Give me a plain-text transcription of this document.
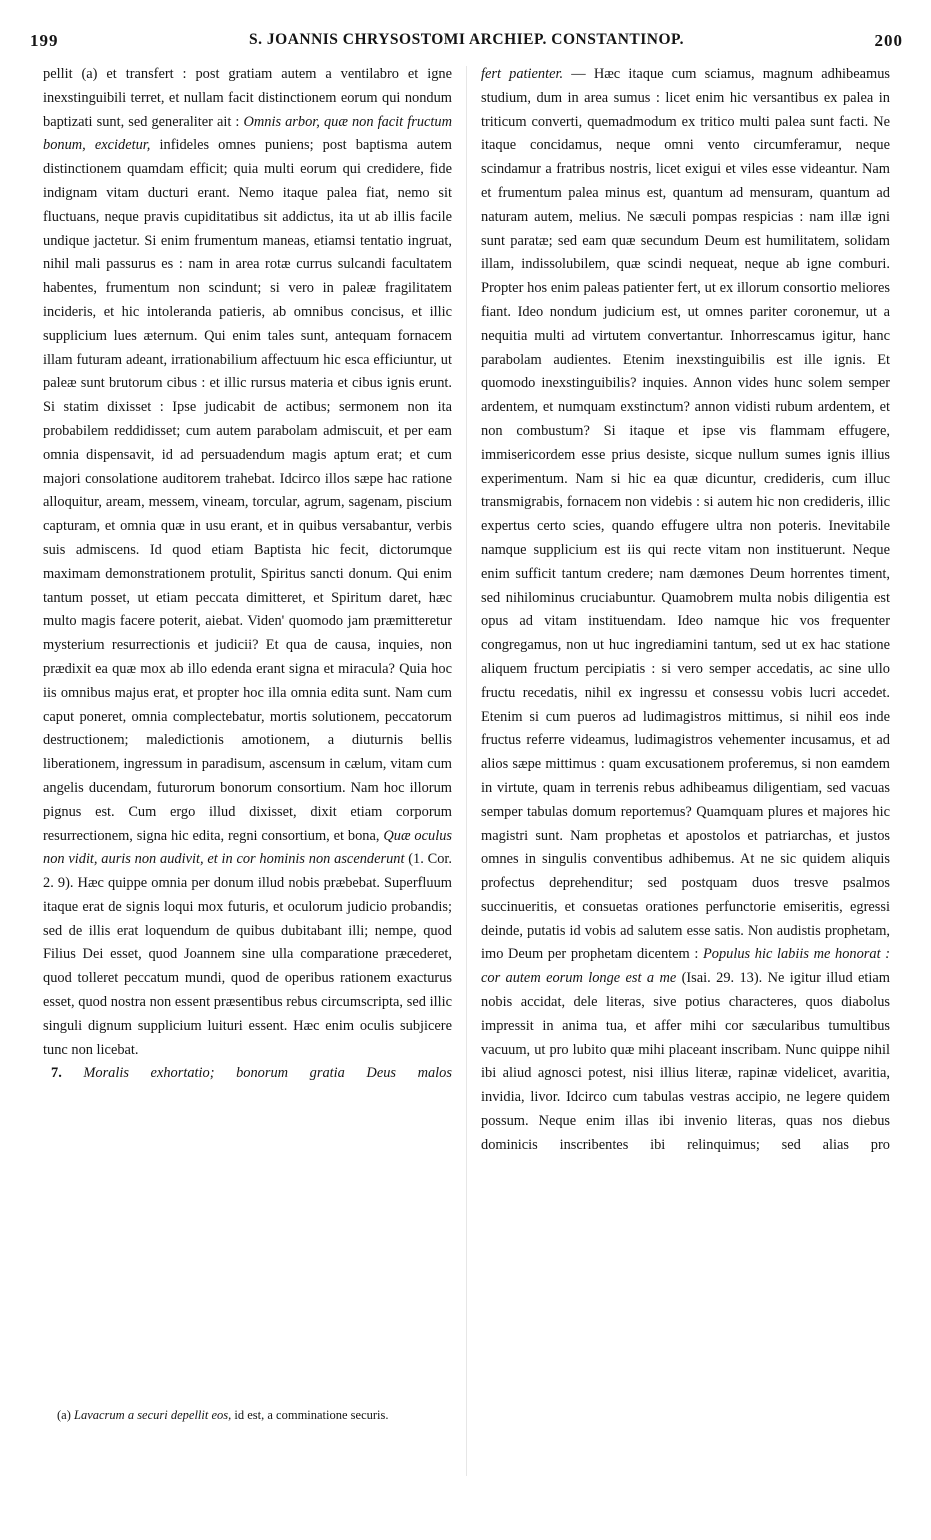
199	S. JOANNIS CHRYSOSTOMI ARCHIEP. CONSTANTINOP.	200

pellit (a) et transfert : post gratiam autem a ventilabro et igne inexstinguibili terret, et nullam facit distinctionem eorum qui nondum baptizati sunt, sed generaliter ait : Omnis arbor, quæ non facit fructum bonum, excidetur, infideles omnes puniens; post baptisma autem distinctionem quamdam efficit; quia multi eorum qui credidere, fide indignam vitam ducturi erant. Nemo itaque palea fiat, nemo sit fluctuans, neque pravis cupiditatibus sit addictus, ita ut ab illis facile undique jactetur. Si enim frumentum maneas, etiamsi tentatio ingruat, nihil mali passurus es : nam in area rotæ currus sulcandi facultatem habentes, frumentum non scindunt; si vero in paleæ fragilitatem incideris, et hic intoleranda patieris, ab omnibus concisus, et illic supplicium lues æternum. Qui enim tales sunt, antequam fornacem illam futuram adeant, irrationabilium affectuum hic esca efficiuntur, ut paleæ sunt brutorum cibus : et illic rursus materia et cibus ignis erunt. Si statim dixisset : Ipse judicabit de actibus; sermonem non ita probabilem reddidisset; cum autem parabolam admiscuit, et per eam omnia dispensavit, id ad persuadendum magis aptum erat; et cum majori consolatione auditorem trahebat. Idcirco illos sæpe hac ratione alloquitur, aream, messem, vineam, torcular, agrum, sagenam, piscium capturam, et omnia quæ in usu erant, et in quibus versabantur, verbis suis admiscens. Id quod etiam Baptista hic fecit, dictorumque maximam demonstrationem protulit, Spiritus sancti donum. Qui enim tantum posset, ut etiam peccata dimitteret, et Spiritum daret, hæc multo magis facere poterit, aiebat. Viden' quomodo jam præmitteretur mysterium resurrectionis et judicii? Et qua de causa, inquies, non prædixit ea quæ mox ab illo edenda erant signa et miracula? Quia hoc iis omnibus majus erat, et propter hoc illa omnia edita sunt. Nam cum caput poneret, omnia complectebatur, mortis solutionem, peccatorum destructionem; maledictionis amotionem, a diuturnis bellis liberationem, ingressum in paradisum, ascensum in cælum, vitam cum angelis ducendam, futurorum bonorum consortium. Nam hoc illorum pignus est. Cum ergo illud dixisset, dixit etiam corporum resurrectionem, signa hic edita, regni consortium, et bona, Quæ oculus non vidit, auris non audivit, et in cor hominis non ascenderunt (1. Cor. 2. 9). Hæc quippe omnia per donum illud nobis præbebat. Superfluum itaque erat de signis loqui mox futuris, et oculorum judicio probandis; sed de illis erat loquendum de quibus dubitabant illi; nempe, quod Filius Dei esset, quod Joannem sine ulla comparatione præcederet, quod tolleret peccatum mundi, quod de operibus rationem exacturus esset, quod nostra non essent præsentibus rebus circumscripta, sed illic singuli dignum supplicium luituri essent. Hæc enim oculis subjicere tunc non licebat.

7. Moralis exhortatio; bonorum gratia Deus malos

(a) Lavacrum a securi depellit eos, id est, a comminatione securis.

fert patienter. — Hæc itaque cum sciamus, magnum adhibeamus studium, dum in area sumus : licet enim hic versantibus ex palea in triticum converti, quemadmodum ex tritico multi palea sunt facti. Ne itaque concidamus, neque omni vento circumferamur, neque scindamur a fratribus nostris, licet exigui et viles esse videantur. Nam et frumentum palea minus est, quantum ad mensuram, quantum ad naturam autem, melius. Ne sæculi pompas respicias : nam illæ igni sunt paratæ; sed eam quæ secundum Deum est humilitatem, solidam illam, indissolubilem, quæ scindi nequeat, neque ab igne comburi. Propter hos enim paleas patienter fert, ut ex illorum consortio meliores fiant. Ideo nondum judicium est, ut omnes pariter coronemur, ut a nequitia multi ad virtutem convertantur. Inhorrescamus igitur, hanc parabolam audientes. Etenim inexstinguibilis est ille ignis. Et quomodo inexstinguibilis? inquies. Annon vides hunc solem semper ardentem, et numquam exstinctum? annon vidisti rubum ardentem, et non combustum? Si itaque et ipse vis flammam effugere, immisericordem esse prius desiste, sicque nullum sumes ignis illius experimentum. Nam si hic ea quæ dicuntur, credideris, cum illuc transmigrabis, fornacem non videbis : si autem hic non credideris, illic expertus certo scies, quando effugere ultra non poteris. Inevitabile namque supplicium est iis qui recte vitam non instituerunt. Neque enim sufficit tantum credere; nam dæmones Deum horrentes timent, sed nihilominus cruciabuntur. Quamobrem multa nobis diligentia est opus ad vitam instituendam. Ideo namque hic vos frequenter congregamus, non ut huc ingrediamini tantum, sed ut ex hac statione aliquem fructum percipiatis : si vero semper accedatis, ac sine ullo fructu recedatis, nihil ex ingressu et consessu vobis lucri accedet. Etenim si cum pueros ad ludimagistros mittimus, si nihil eos inde fructus referre videamus, ludimagistros vehementer incusamus, et ad alios sæpe mittimus : quam excusationem proferemus, si non eamdem in virtute, quam in terrenis rebus adhibeamus diligentiam, sed vacuas semper tabulas domum reportemus? Quamquam plures et majores hic magistri sunt. Nam prophetas et apostolos et patriarchas, et justos omnes in singulis conventibus adhibemus. At ne sic quidem aliquis profectus deprehenditur; sed postquam duos tresve psalmos succinueritis, et consuetas orationes perfunctorie emiseritis, egressi deinde, putatis id vobis ad salutem esse satis. Non audistis prophetam, imo Deum per prophetam dicentem : Populus hic labiis me honorat : cor autem eorum longe est a me (Isai. 29. 13). Ne igitur illud etiam nobis accidat, dele literas, sive potius characteres, quos diabolus impressit in anima tua, et affer mihi cor sæcularibus tumultibus vacuum, ut pro lubito quæ mihi placeant inscribam. Nunc quippe nihil ibi aliud agnosci potest, nisi illius literæ, rapinæ videlicet, avaritia, invidia, livor. Idcirco cum tabulas vestras accipio, ne legere quidem possum. Neque enim illas ibi invenio literas, quas nos diebus dominicis inscribentes ibi relinquimus; sed alias pro
